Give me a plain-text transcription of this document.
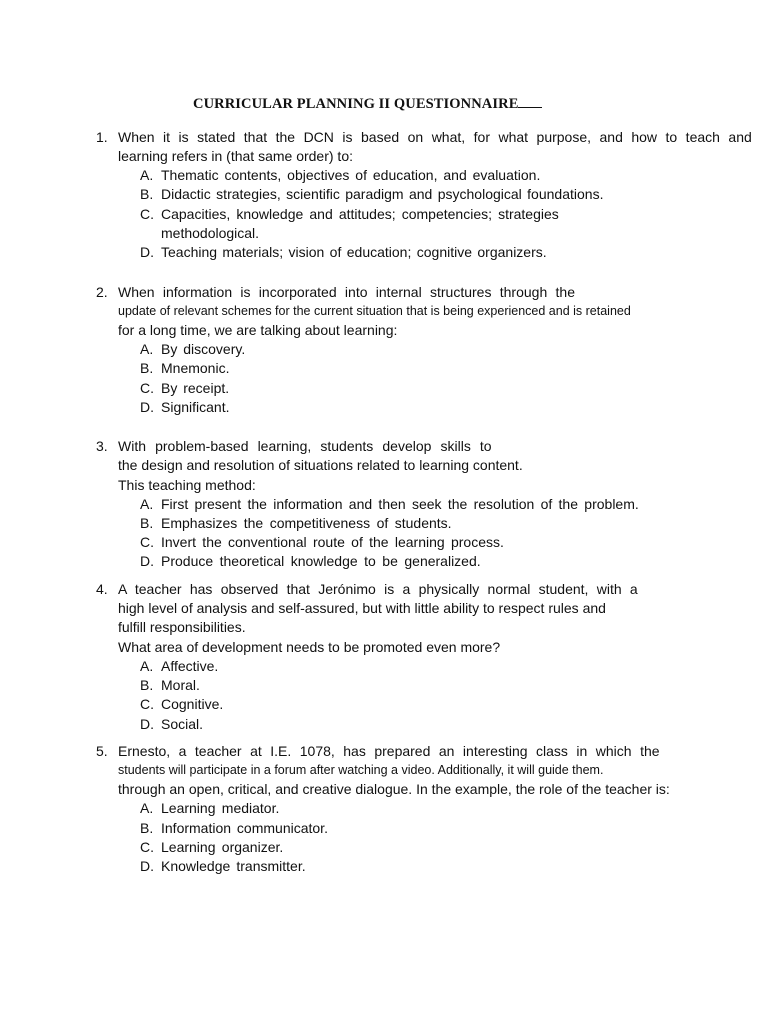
CURRICULAR PLANNING II QUESTIONNAIRE
1. When it is stated that the DCN is based on what, for what purpose, and how to teach and
learning refers in (that same order) to:
A. Thematic contents, objectives of education, and evaluation.
B. Didactic strategies, scientific paradigm and psychological foundations.
C. Capacities, knowledge and attitudes; competencies; strategies
methodological.
D. Teaching materials; vision of education; cognitive organizers.
2. When information is incorporated into internal structures through the
update of relevant schemes for the current situation that is being experienced and is retained
for a long time, we are talking about learning:
A. By discovery.
B. Mnemonic.
C. By receipt.
D. Significant.
3. With problem-based learning, students develop skills to
the design and resolution of situations related to learning content.
This teaching method:
A. First present the information and then seek the resolution of the problem.
B. Emphasizes the competitiveness of students.
C. Invert the conventional route of the learning process.
D. Produce theoretical knowledge to be generalized.
4. A teacher has observed that Jerónimo is a physically normal student, with a
high level of analysis and self-assured, but with little ability to respect rules and
fulfill responsibilities.
What area of development needs to be promoted even more?
A. Affective.
B. Moral.
C. Cognitive.
D. Social.
5. Ernesto, a teacher at I.E. 1078, has prepared an interesting class in which the
students will participate in a forum after watching a video. Additionally, it will guide them.
through an open, critical, and creative dialogue. In the example, the role of the teacher is:
A. Learning mediator.
B. Information communicator.
C. Learning organizer.
D. Knowledge transmitter.
